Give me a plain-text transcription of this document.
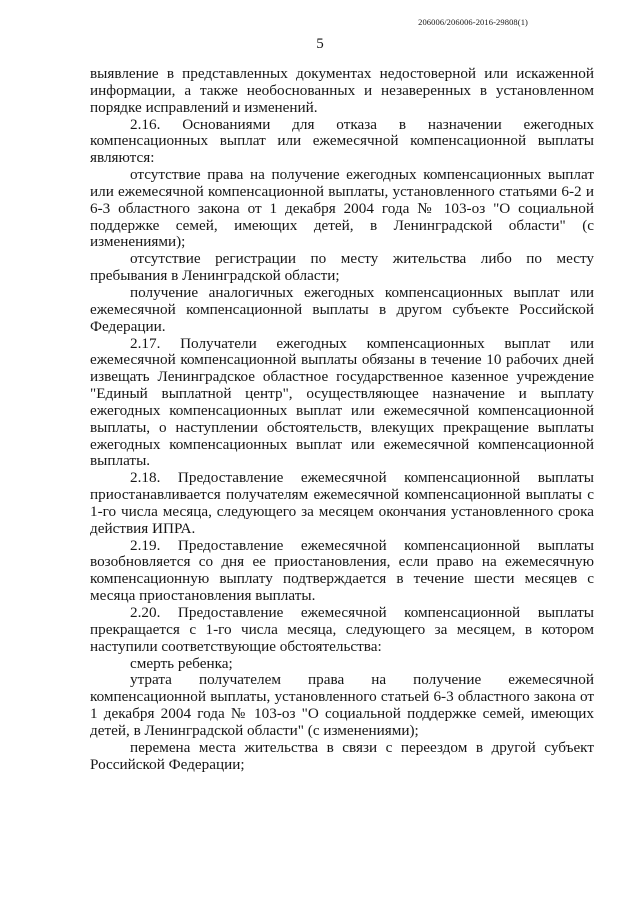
206006/206006-2016-29808(1)
5

выявление в представленных документах недостоверной или искаженной информации, а также необоснованных и незаверенных в установленном порядке исправлений и изменений.

2.16. Основаниями для отказа в назначении ежегодных компенсационных выплат или ежемесячной компенсационной выплаты являются:

отсутствие права на получение ежегодных компенсационных выплат или ежемесячной компенсационной выплаты, установленного статьями 6-2 и 6-3 областного закона от 1 декабря 2004 года № 103-оз "О социальной поддержке семей, имеющих детей, в Ленинградской области" (с изменениями);

отсутствие регистрации по месту жительства либо по месту пребывания в Ленинградской области;

получение аналогичных ежегодных компенсационных выплат или ежемесячной компенсационной выплаты в другом субъекте Российской Федерации.

2.17. Получатели ежегодных компенсационных выплат или ежемесячной компенсационной выплаты обязаны в течение 10 рабочих дней извещать Ленинградское областное государственное казенное учреждение "Единый выплатной центр", осуществляющее назначение и выплату ежегодных компенсационных выплат или ежемесячной компенсационной выплаты, о наступлении обстоятельств, влекущих прекращение выплаты ежегодных компенсационных выплат или ежемесячной компенсационной выплаты.

2.18. Предоставление ежемесячной компенсационной выплаты приостанавливается получателям ежемесячной компенсационной выплаты с 1-го числа месяца, следующего за месяцем окончания установленного срока действия ИПРА.

2.19. Предоставление ежемесячной компенсационной выплаты возобновляется со дня ее приостановления, если право на ежемесячную компенсационную выплату подтверждается в течение шести месяцев с месяца приостановления выплаты.

2.20. Предоставление ежемесячной компенсационной выплаты прекращается с 1-го числа месяца, следующего за месяцем, в котором наступили соответствующие обстоятельства:

смерть ребенка;

утрата получателем права на получение ежемесячной компенсационной выплаты, установленного статьей 6-3 областного закона от 1 декабря 2004 года № 103-оз "О социальной поддержке семей, имеющих детей, в Ленинградской области" (с изменениями);

перемена места жительства в связи с переездом в другой субъект Российской Федерации;
